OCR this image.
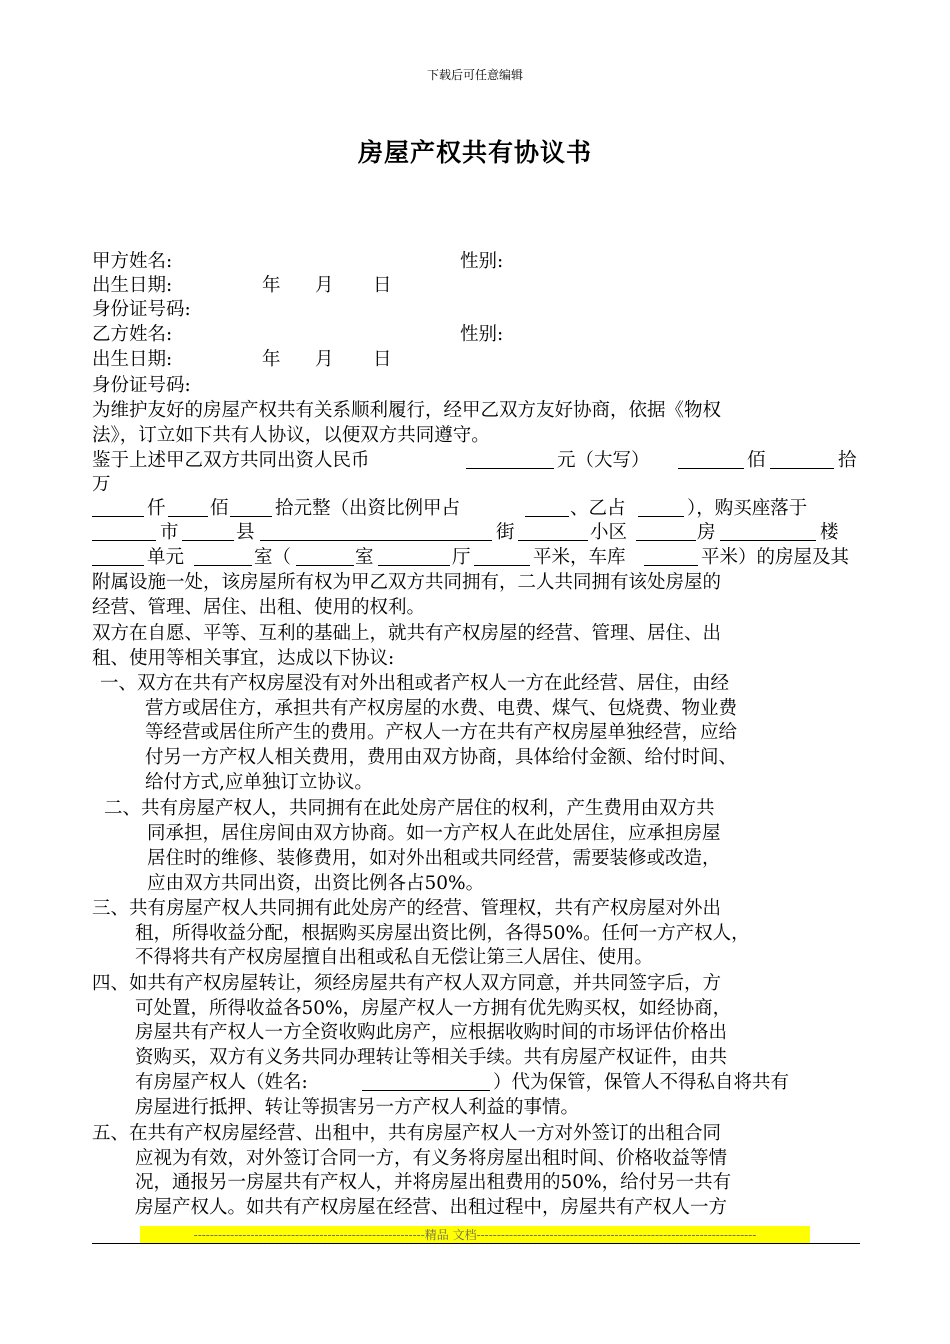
下载后可任意编辑
房屋产权共有协议书
甲方姓名:	性别:
出生日期:	年 月 日
身份证号码:
乙方姓名:	性别:
出生日期:	年 月 日
身份证号码:
为维护友好的房屋产权共有关系顺利履行，经甲乙双方友好协商，依据《物权
法》，订立如下共有人协议，以便双方共同遵守。
鉴于上述甲乙双方共同出资人民币	元（大写）	佰	拾
万
仟 佰	拾元整（出资比例甲占	、乙占	），购买座落于
市	县	街	小区	房	楼
单元	室（	室	厅	平米，车库	平米）的房屋及其
附属设施一处，该房屋所有权为甲乙双方共同拥有，二人共同拥有该处房屋的
经营、管理、居住、出租、使用的权利。
双方在自愿、平等、互利的基础上，就共有产权房屋的经营、管理、居住、出
租、使用等相关事宜，达成以下协议:
一、双方在共有产权房屋没有对外出租或者产权人一方在此经营、居住，由经
营方或居住方，承担共有产权房屋的水费、电费、煤气、包烧费、物业费
等经营或居住所产生的费用。产权人一方在共有产权房屋单独经营，应给
付另一方产权人相关费用，费用由双方协商，具体给付金额、给付时间、
给付方式,应单独订立协议。
二、共有房屋产权人，共同拥有在此处房产居住的权利，产生费用由双方共
同承担，居住房间由双方协商。如一方产权人在此处居住，应承担房屋
居住时的维修、装修费用，如对外出租或共同经营，需要装修或改造，
应由双方共同出资，出资比例各占50%。
三、共有房屋产权人共同拥有此处房产的经营、管理权，共有产权房屋对外出
租，所得收益分配，根据购买房屋出资比例，各得50%。任何一方产权人，
不得将共有产权房屋擅自出租或私自无偿让第三人居住、使用。
四、如共有产权房屋转让，须经房屋共有产权人双方同意，并共同签字后，方
可处置，所得收益各50%，房屋产权人一方拥有优先购买权，如经协商，
房屋共有产权人一方全资收购此房产，应根据收购时间的市场评估价格出
资购买，双方有义务共同办理转让等相关手续。共有房屋产权证件，由共
有房屋产权人（姓名:	）代为保管，保管人不得私自将共有
房屋进行抵押、转让等损害另一方产权人利益的事情。
五、在共有产权房屋经营、出租中，共有房屋产权人一方对外签订的出租合同
应视为有效，对外签订合同一方，有义务将房屋出租时间、价格收益等情
况，通报另一房屋共有产权人，并将房屋出租费用的50%，给付另一共有
房屋产权人。如共有产权房屋在经营、出租过程中，房屋共有产权人一方
---------------------------------------------------------精品 文档---------------------------------------------------------------------
